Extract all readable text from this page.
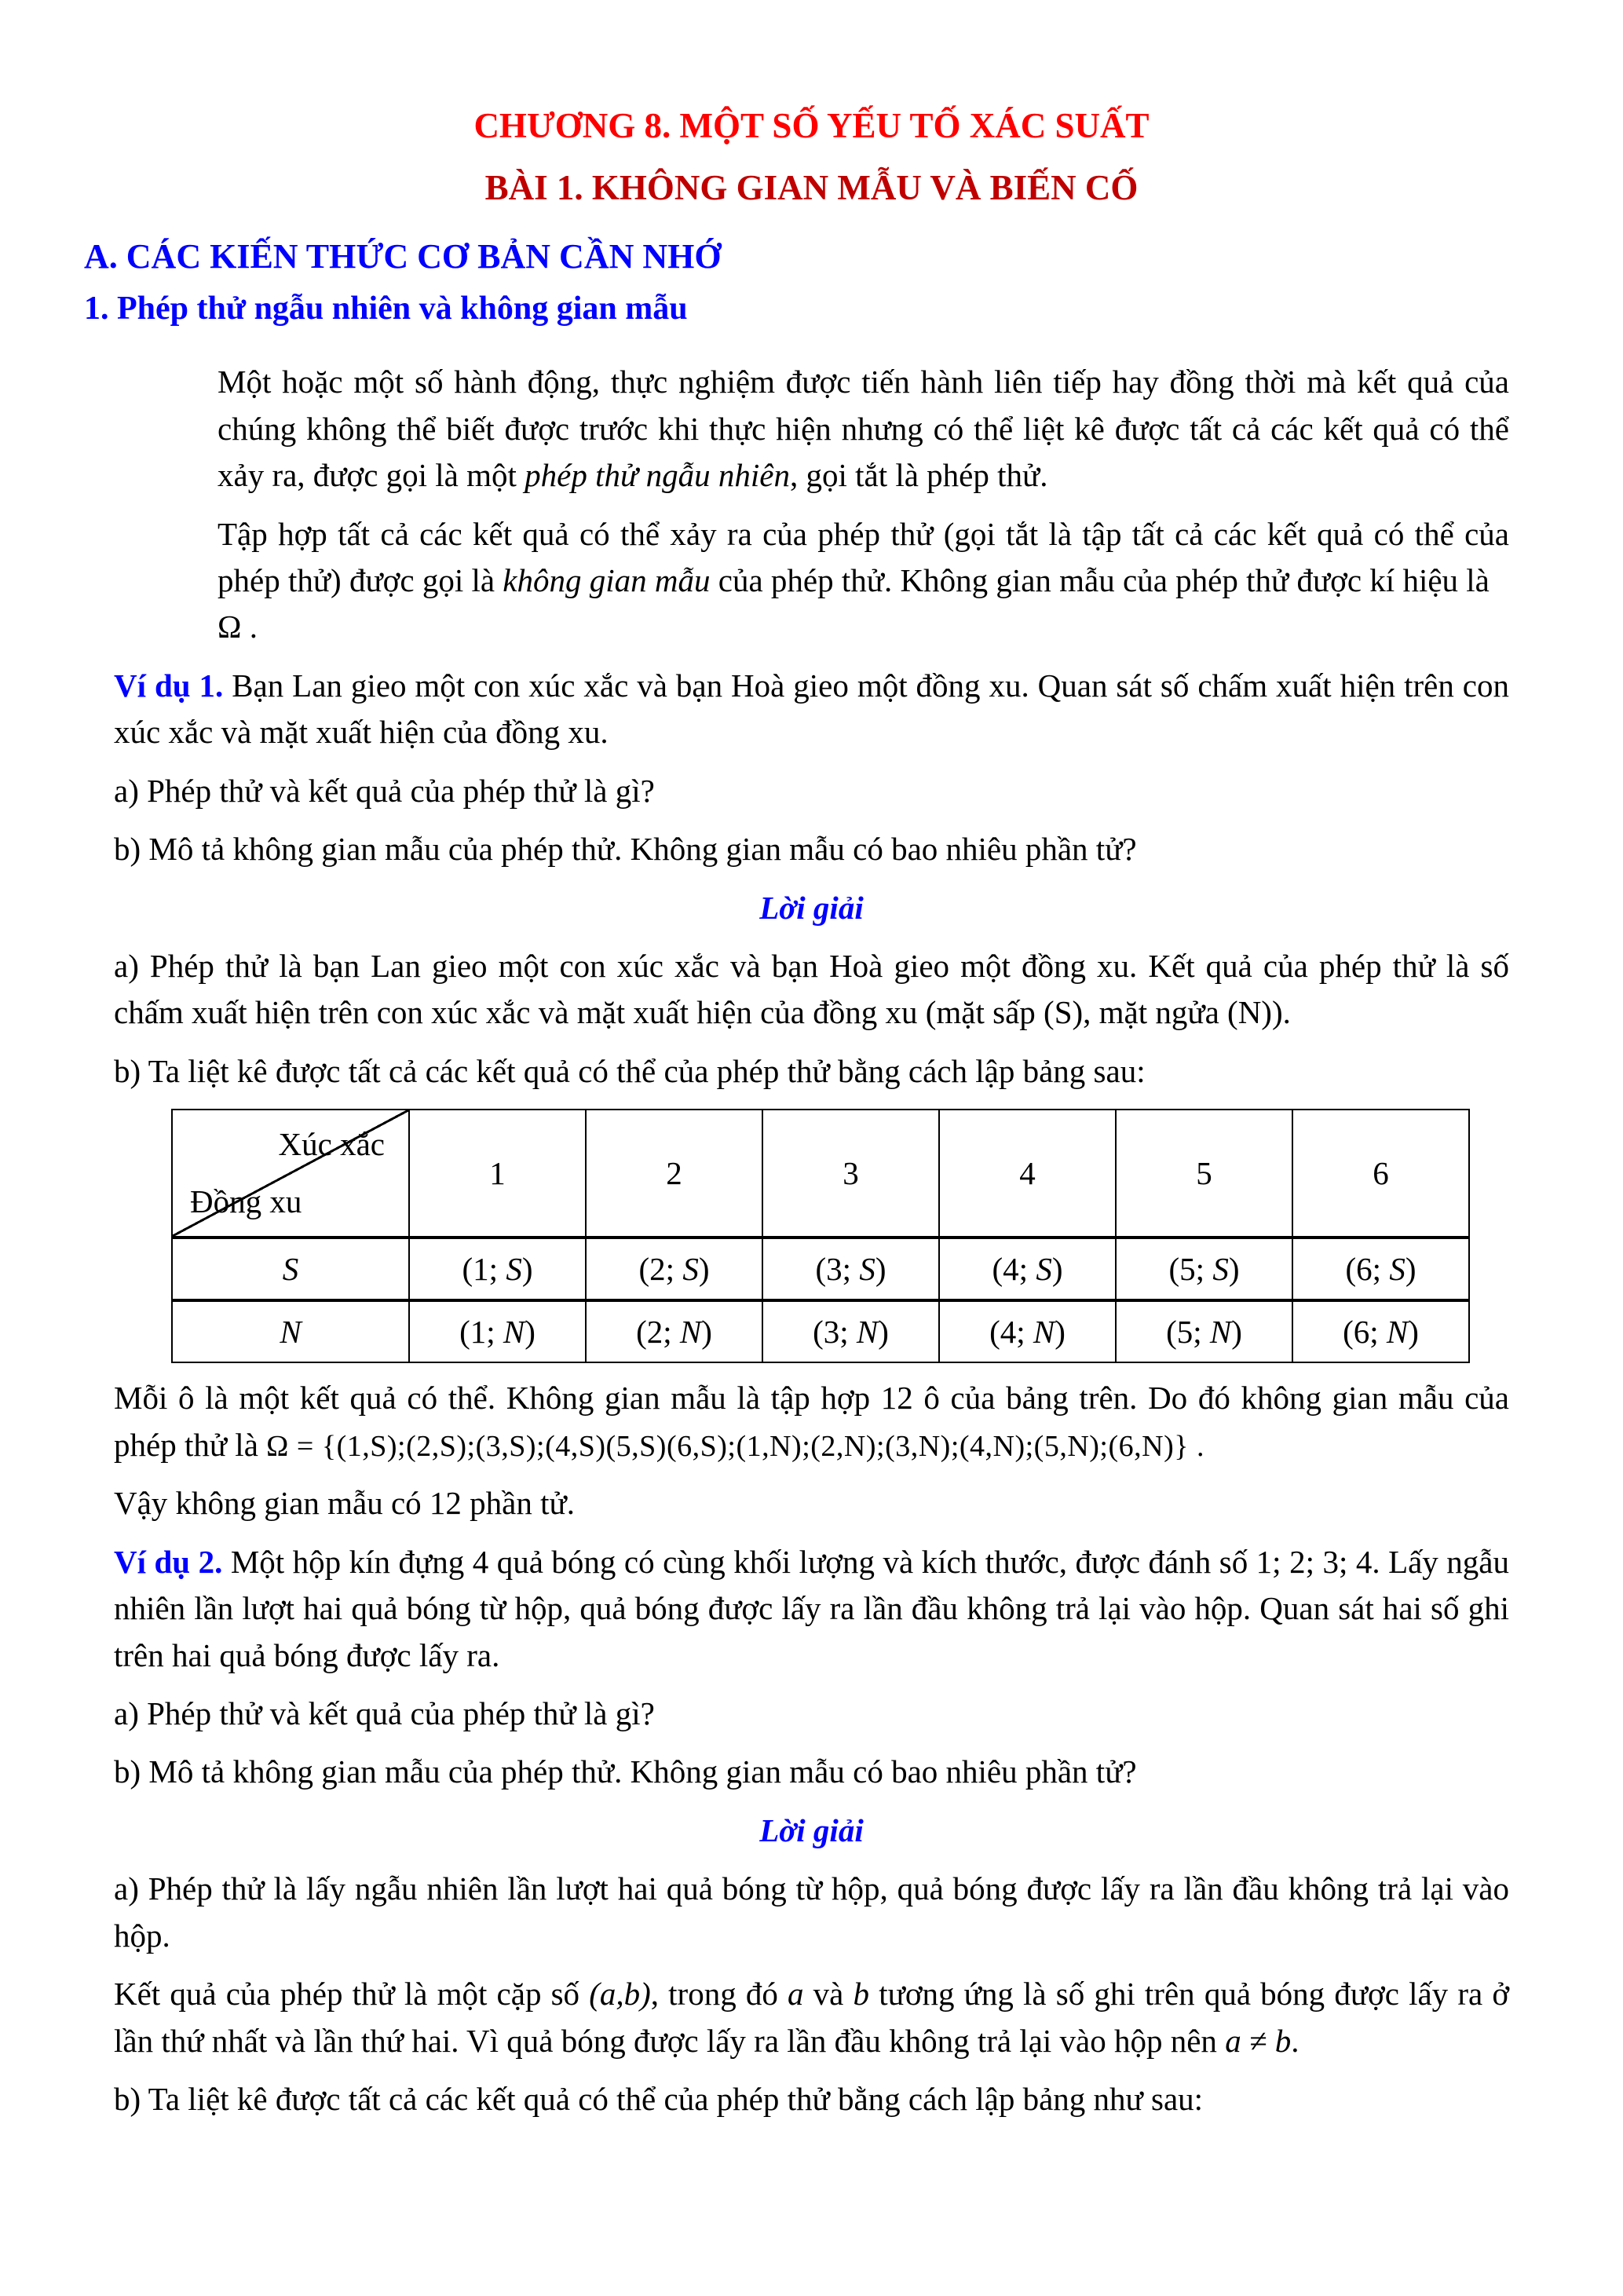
CHƯƠNG 8. MỘT SỐ YẾU TỐ XÁC SUẤT
BÀI 1. KHÔNG GIAN MẪU VÀ BIẾN CỐ
A. CÁC KIẾN THỨC CƠ BẢN CẦN NHỚ
1. Phép thử ngẫu nhiên và không gian mẫu

Một hoặc một số hành động, thực nghiệm được tiến hành liên tiếp hay đồng thời mà kết quả của chúng không thể biết được trước khi thực hiện nhưng có thể liệt kê được tất cả các kết quả có thể xảy ra, được gọi là một phép thử ngẫu nhiên, gọi tắt là phép thử.

Tập hợp tất cả các kết quả có thể xảy ra của phép thử (gọi tắt là tập tất cả các kết quả có thể của phép thử) được gọi là không gian mẫu của phép thử. Không gian mẫu của phép thử được kí hiệu là
Ω .

Ví dụ 1. Bạn Lan gieo một con xúc xắc và bạn Hoà gieo một đồng xu. Quan sát số chấm xuất hiện trên con xúc xắc và mặt xuất hiện của đồng xu.

a) Phép thử và kết quả của phép thử là gì?

b) Mô tả không gian mẫu của phép thử. Không gian mẫu có bao nhiêu phần tử?

Lời giải

a) Phép thử là bạn Lan gieo một con xúc xắc và bạn Hoà gieo một đồng xu. Kết quả của phép thử là số chấm xuất hiện trên con xúc xắc và mặt xuất hiện của đồng xu (mặt sấp (S), mặt ngửa (N)).

b) Ta liệt kê được tất cả các kết quả có thể của phép thử bằng cách lập bảng sau:

Xúc xắc
Đồng xu	1	2	3	4	5	6
S	(1; S)	(2; S)	(3; S)	(4; S)	(5; S)	(6; S)
N	(1; N)	(2; N)	(3; N)	(4; N)	(5; N)	(6; N)

Mỗi ô là một kết quả có thể. Không gian mẫu là tập hợp 12 ô của bảng trên. Do đó không gian mẫu của phép thử là Ω = {(1,S);(2,S);(3,S);(4,S)(5,S)(6,S);(1,N);(2,N);(3,N);(4,N);(5,N);(6,N)} .

Vậy không gian mẫu có 12 phần tử.

Ví dụ 2. Một hộp kín đựng 4 quả bóng có cùng khối lượng và kích thước, được đánh số 1; 2; 3; 4. Lấy ngẫu nhiên lần lượt hai quả bóng từ hộp, quả bóng được lấy ra lần đầu không trả lại vào hộp. Quan sát hai số ghi trên hai quả bóng được lấy ra.

a) Phép thử và kết quả của phép thử là gì?

b) Mô tả không gian mẫu của phép thử. Không gian mẫu có bao nhiêu phần tử?

Lời giải

a) Phép thử là lấy ngẫu nhiên lần lượt hai quả bóng từ hộp, quả bóng được lấy ra lần đầu không trả lại vào hộp.

Kết quả của phép thử là một cặp số (a,b), trong đó a và b tương ứng là số ghi trên quả bóng được lấy ra ở lần thứ nhất và lần thứ hai. Vì quả bóng được lấy ra lần đầu không trả lại vào hộp nên a ≠ b.

b) Ta liệt kê được tất cả các kết quả có thể của phép thử bằng cách lập bảng như sau:
